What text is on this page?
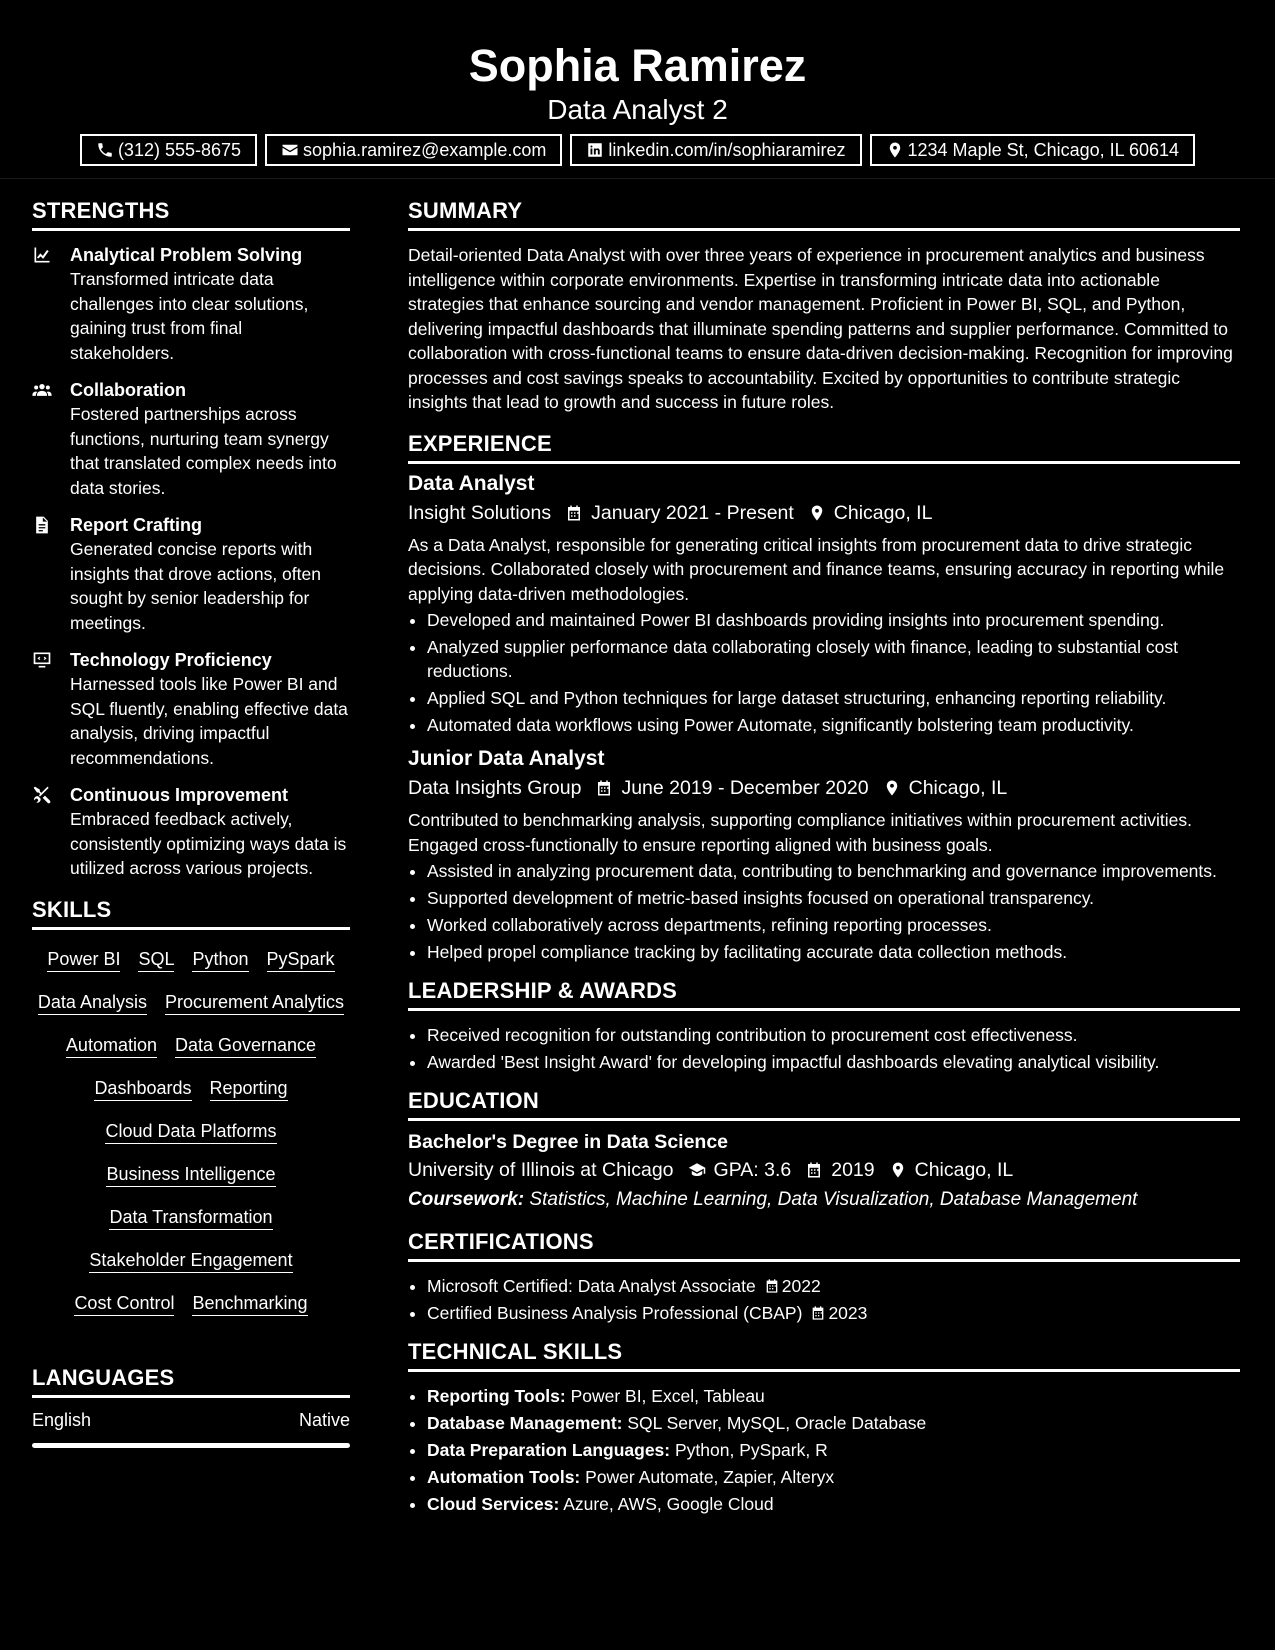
Sophia Ramirez
Data Analyst 2
(312) 555-8675	sophia.ramirez@example.com	linkedin.com/in/sophiaramirez	1234 Maple St, Chicago, IL 60614
STRENGTHS
Analytical Problem Solving
Transformed intricate data challenges into clear solutions, gaining trust from final stakeholders.
Collaboration
Fostered partnerships across functions, nurturing team synergy that translated complex needs into data stories.
Report Crafting
Generated concise reports with insights that drove actions, often sought by senior leadership for meetings.
Technology Proficiency
Harnessed tools like Power BI and SQL fluently, enabling effective data analysis, driving impactful recommendations.
Continuous Improvement
Embraced feedback actively, consistently optimizing ways data is utilized across various projects.
SKILLS
Power BI SQL Python PySpark
Data Analysis Procurement Analytics
Automation Data Governance
Dashboards Reporting
Cloud Data Platforms
Business Intelligence
Data Transformation
Stakeholder Engagement
Cost Control Benchmarking
LANGUAGES
English	Native
SUMMARY

Detail-oriented Data Analyst with over three years of experience in procurement analytics and business intelligence within corporate environments. Expertise in transforming intricate data into actionable strategies that enhance sourcing and vendor management. Proficient in Power BI, SQL, and Python, delivering impactful dashboards that illuminate spending patterns and supplier performance. Committed to collaboration with cross-functional teams to ensure data-driven decision-making. Recognition for improving processes and cost savings speaks to accountability. Excited by opportunities to contribute strategic insights that lead to growth and success in future roles.

EXPERIENCE
Data Analyst
Insight Solutions January 2021 - Present Chicago, IL

As a Data Analyst, responsible for generating critical insights from procurement data to drive strategic decisions. Collaborated closely with procurement and finance teams, ensuring accuracy in reporting while applying data-driven methodologies.

• Developed and maintained Power BI dashboards providing insights into procurement spending.
• Analyzed supplier performance data collaborating closely with finance, leading to substantial cost reductions.
• Applied SQL and Python techniques for large dataset structuring, enhancing reporting reliability.
• Automated data workflows using Power Automate, significantly bolstering team productivity.
Junior Data Analyst
Data Insights Group June 2019 - December 2020 Chicago, IL

Contributed to benchmarking analysis, supporting compliance initiatives within procurement activities. Engaged cross-functionally to ensure reporting aligned with business goals.

• Assisted in analyzing procurement data, contributing to benchmarking and governance improvements.
• Supported development of metric-based insights focused on operational transparency.
• Worked collaboratively across departments, refining reporting processes.
• Helped propel compliance tracking by facilitating accurate data collection methods.
LEADERSHIP & AWARDS
• Received recognition for outstanding contribution to procurement cost effectiveness.
• Awarded 'Best Insight Award' for developing impactful dashboards elevating analytical visibility.
EDUCATION
Bachelor's Degree in Data Science
University of Illinois at Chicago GPA: 3.6 2019 Chicago, IL
Coursework: Statistics, Machine Learning, Data Visualization, Database Management
CERTIFICATIONS
• Microsoft Certified: Data Analyst Associate 2022
• Certified Business Analysis Professional (CBAP) 2023
TECHNICAL SKILLS
• Reporting Tools: Power BI, Excel, Tableau
• Database Management: SQL Server, MySQL, Oracle Database
• Data Preparation Languages: Python, PySpark, R
• Automation Tools: Power Automate, Zapier, Alteryx
• Cloud Services: Azure, AWS, Google Cloud
